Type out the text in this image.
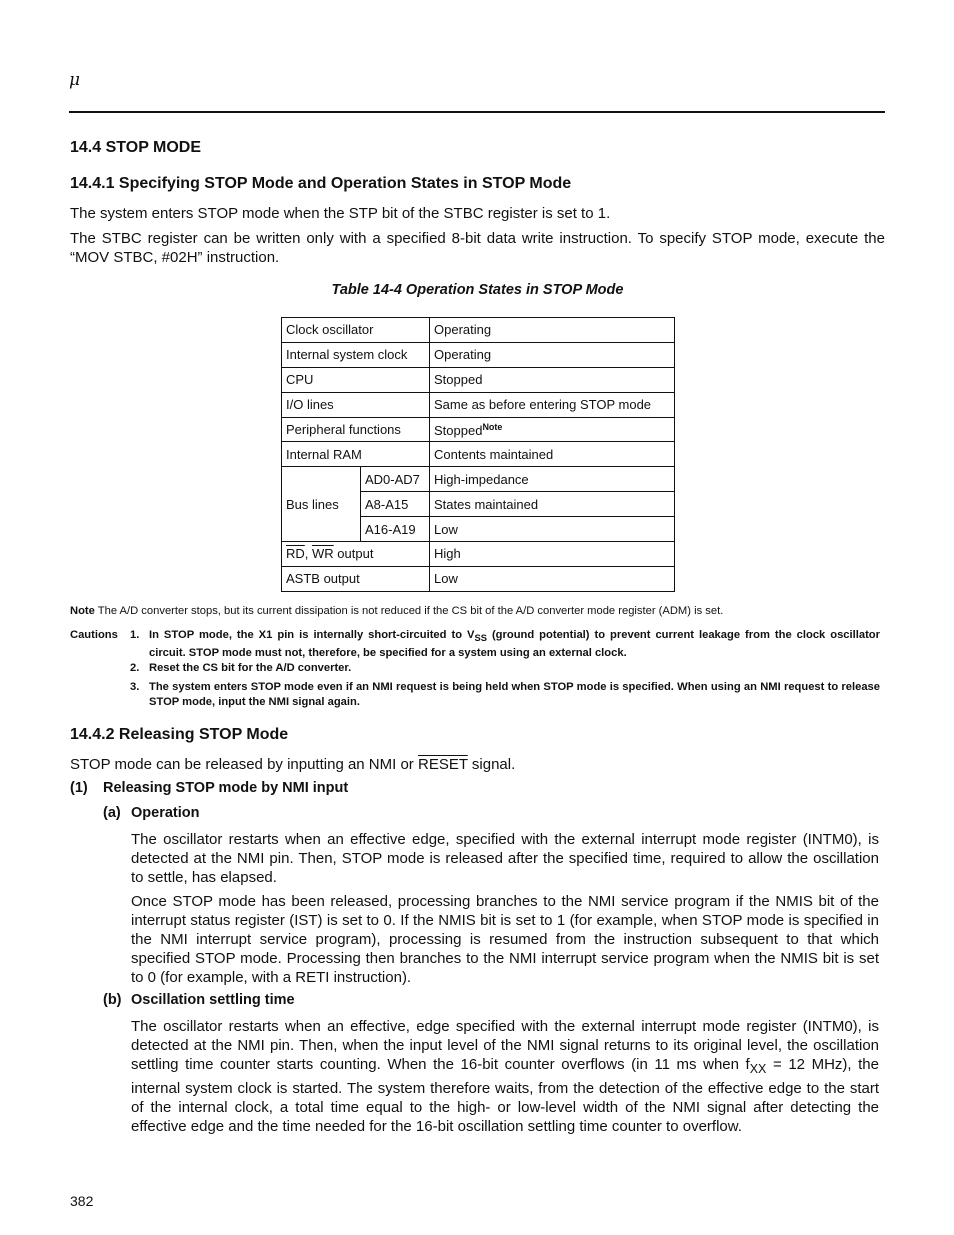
μ
14.4 STOP MODE
14.4.1 Specifying STOP Mode and Operation States in STOP Mode
The system enters STOP mode when the STP bit of the STBC register is set to 1.
The STBC register can be written only with a specified 8-bit data write instruction. To specify STOP mode, execute the “MOV STBC, #02H” instruction.
Table 14-4 Operation States in STOP Mode
Clock oscillator		Operating
Internal system clock		Operating
CPU		Stopped
I/O lines		Same as before entering STOP mode
Peripheral functions		Stopped$^{Note}$
Internal RAM		Contents maintained
Bus lines	AD0-AD7	High-impedance
	A8-A15	States maintained
	A16-A19	Low
$\overline{RD}$, $\overline{WR}$ output		High
ASTB output		Low
Note The A/D converter stops, but its current dissipation is not reduced if the CS bit of the A/D converter mode register (ADM) is set.
Cautions 1. In STOP mode, the X1 pin is internally short-circuited to $V_{SS}$ (ground potential) to prevent current leakage from the clock oscillator circuit. STOP mode must not, therefore, be specified for a system using an external clock.
2. Reset the CS bit for the A/D converter.
3. The system enters STOP mode even if an NMI request is being held when STOP mode is specified. When using an NMI request to release STOP mode, input the NMI signal again.
14.4.2 Releasing STOP Mode
STOP mode can be released by inputting an NMI or RESET signal.
(1) Releasing STOP mode by NMI input
(a) Operation
The oscillator restarts when an effective edge, specified with the external interrupt mode register (INTM0), is detected at the NMI pin. Then, STOP mode is released after the specified time, required to allow the oscillation to settle, has elapsed.
Once STOP mode has been released, processing branches to the NMI service program if the NMIS bit of the interrupt status register (IST) is set to 0. If the NMIS bit is set to 1 (for example, when STOP mode is specified in the NMI interrupt service program), processing is resumed from the instruction subsequent to that which specified STOP mode. Processing then branches to the NMI interrupt service program when the NMIS bit is set to 0 (for example, with a RETI instruction).
(b) Oscillation settling time
The oscillator restarts when an effective, edge specified with the external interrupt mode register (INTM0), is detected at the NMI pin. Then, when the input level of the NMI signal returns to its original level, the oscillation settling time counter starts counting. When the 16-bit counter overflows (in 11 ms when $f_{XX} = 12$ MHz), the internal system clock is started. The system therefore waits, from the detection of the effective edge to the start of the internal clock, a total time equal to the high- or low-level width of the NMI signal after detecting the effective edge and the time needed for the 16-bit oscillation settling time counter to overflow.
382
